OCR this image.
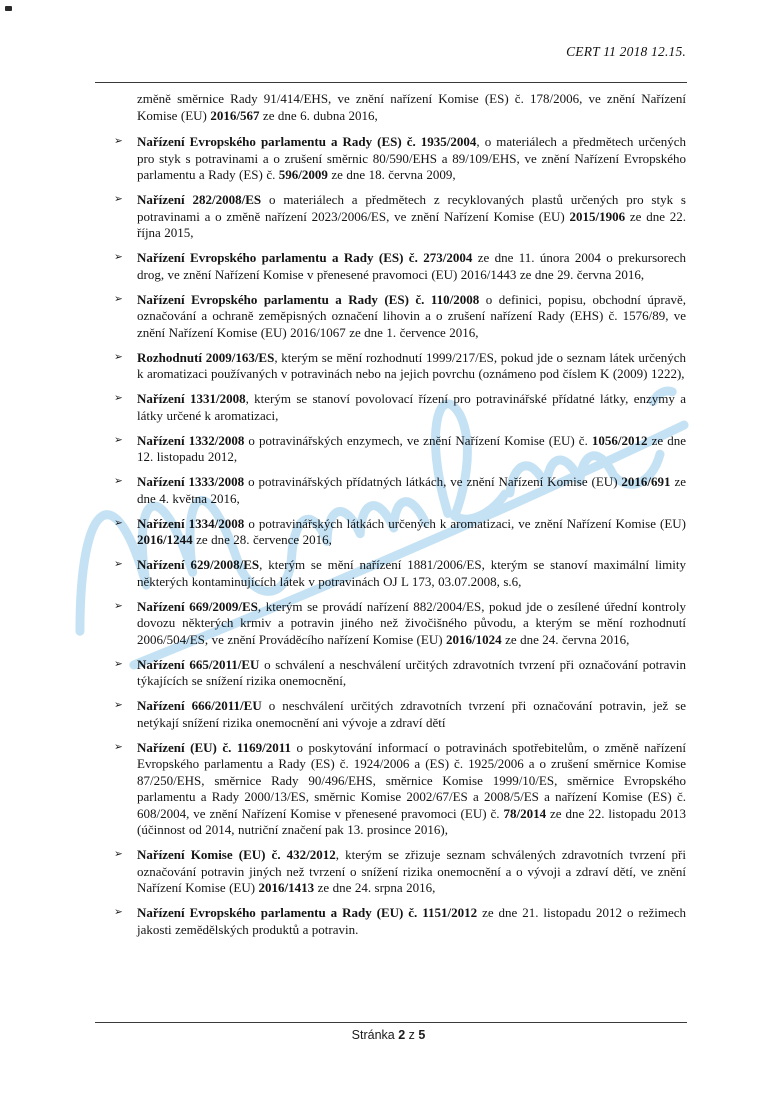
CERT 11 2018 12.15.
změně směrnice Rady 91/414/EHS, ve znění nařízení Komise (ES) č. 178/2006, ve znění Nařízení Komise (EU) 2016/567 ze dne 6. dubna 2016,
➢ Nařízení Evropského parlamentu a Rady (ES) č. 1935/2004, o materiálech a předmětech určených pro styk s potravinami a o zrušení směrnic 80/590/EHS a 89/109/EHS, ve znění Nařízení Evropského parlamentu a Rady (ES) č. 596/2009 ze dne 18. června 2009,
➢ Nařízení 282/2008/ES o materiálech a předmětech z recyklovaných plastů určených pro styk s potravinami a o změně nařízení 2023/2006/ES, ve znění Nařízení Komise (EU) 2015/1906 ze dne 22. října 2015,
➢ Nařízení Evropského parlamentu a Rady (ES) č. 273/2004 ze dne 11. února 2004 o prekursorech drog, ve znění Nařízení Komise v přenesené pravomoci (EU) 2016/1443 ze dne 29. června 2016,
➢ Nařízení Evropského parlamentu a Rady (ES) č. 110/2008 o definici, popisu, obchodní úpravě, označování a ochraně zeměpisných označení lihovin a o zrušení nařízení Rady (EHS) č. 1576/89, ve znění Nařízení Komise (EU) 2016/1067 ze dne 1. července 2016,
➢ Rozhodnutí 2009/163/ES, kterým se mění rozhodnutí 1999/217/ES, pokud jde o seznam látek určených k aromatizaci používaných v potravinách nebo na jejich povrchu (oznámeno pod číslem K (2009) 1222),
➢ Nařízení 1331/2008, kterým se stanoví povolovací řízení pro potravinářské přídatné látky, enzymy a látky určené k aromatizaci,
➢ Nařízení 1332/2008 o potravinářských enzymech, ve znění Nařízení Komise (EU) č. 1056/2012 ze dne 12. listopadu 2012,
➢ Nařízení 1333/2008 o potravinářských přídatných látkách, ve znění Nařízení Komise (EU) 2016/691 ze dne 4. května 2016,
➢ Nařízení 1334/2008 o potravinářských látkách určených k aromatizaci, ve znění Nařízení Komise (EU) 2016/1244 ze dne 28. července 2016,
➢ Nařízení 629/2008/ES, kterým se mění nařízení 1881/2006/ES, kterým se stanoví maximální limity některých kontaminujících látek v potravinách OJ L 173, 03.07.2008, s.6,
➢ Nařízení 669/2009/ES, kterým se provádí nařízení 882/2004/ES, pokud jde o zesílené úřední kontroly dovozu některých krmiv a potravin jiného než živočišného původu, a kterým se mění rozhodnutí 2006/504/ES, ve znění Prováděcího nařízení Komise (EU) 2016/1024 ze dne 24. června 2016,
➢ Nařízení 665/2011/EU o schválení a neschválení určitých zdravotních tvrzení při označování potravin týkajících se snížení rizika onemocnění,
➢ Nařízení 666/2011/EU o neschválení určitých zdravotních tvrzení při označování potravin, jež se netýkají snížení rizika onemocnění ani vývoje a zdraví dětí
➢ Nařízení (EU) č. 1169/2011 o poskytování informací o potravinách spotřebitelům, o změně nařízení Evropského parlamentu a Rady (ES) č. 1924/2006 a (ES) č. 1925/2006 a o zrušení směrnice Komise 87/250/EHS, směrnice Rady 90/496/EHS, směrnice Komise 1999/10/ES, směrnice Evropského parlamentu a Rady 2000/13/ES, směrnic Komise 2002/67/ES a 2008/5/ES a nařízení Komise (ES) č. 608/2004, ve znění Nařízení Komise v přenesené pravomoci (EU) č. 78/2014 ze dne 22. listopadu 2013 (účinnost od 2014, nutriční značení pak 13. prosince 2016),
➢ Nařízení Komise (EU) č. 432/2012, kterým se zřizuje seznam schválených zdravotních tvrzení při označování potravin jiných než tvrzení o snížení rizika onemocnění a o vývoji a zdraví dětí, ve znění Nařízení Komise (EU) 2016/1413 ze dne 24. srpna 2016,
➢ Nařízení Evropského parlamentu a Rady (EU) č. 1151/2012 ze dne 21. listopadu 2012 o režimech jakosti zemědělských produktů a potravin.
Stránka 2 z 5
